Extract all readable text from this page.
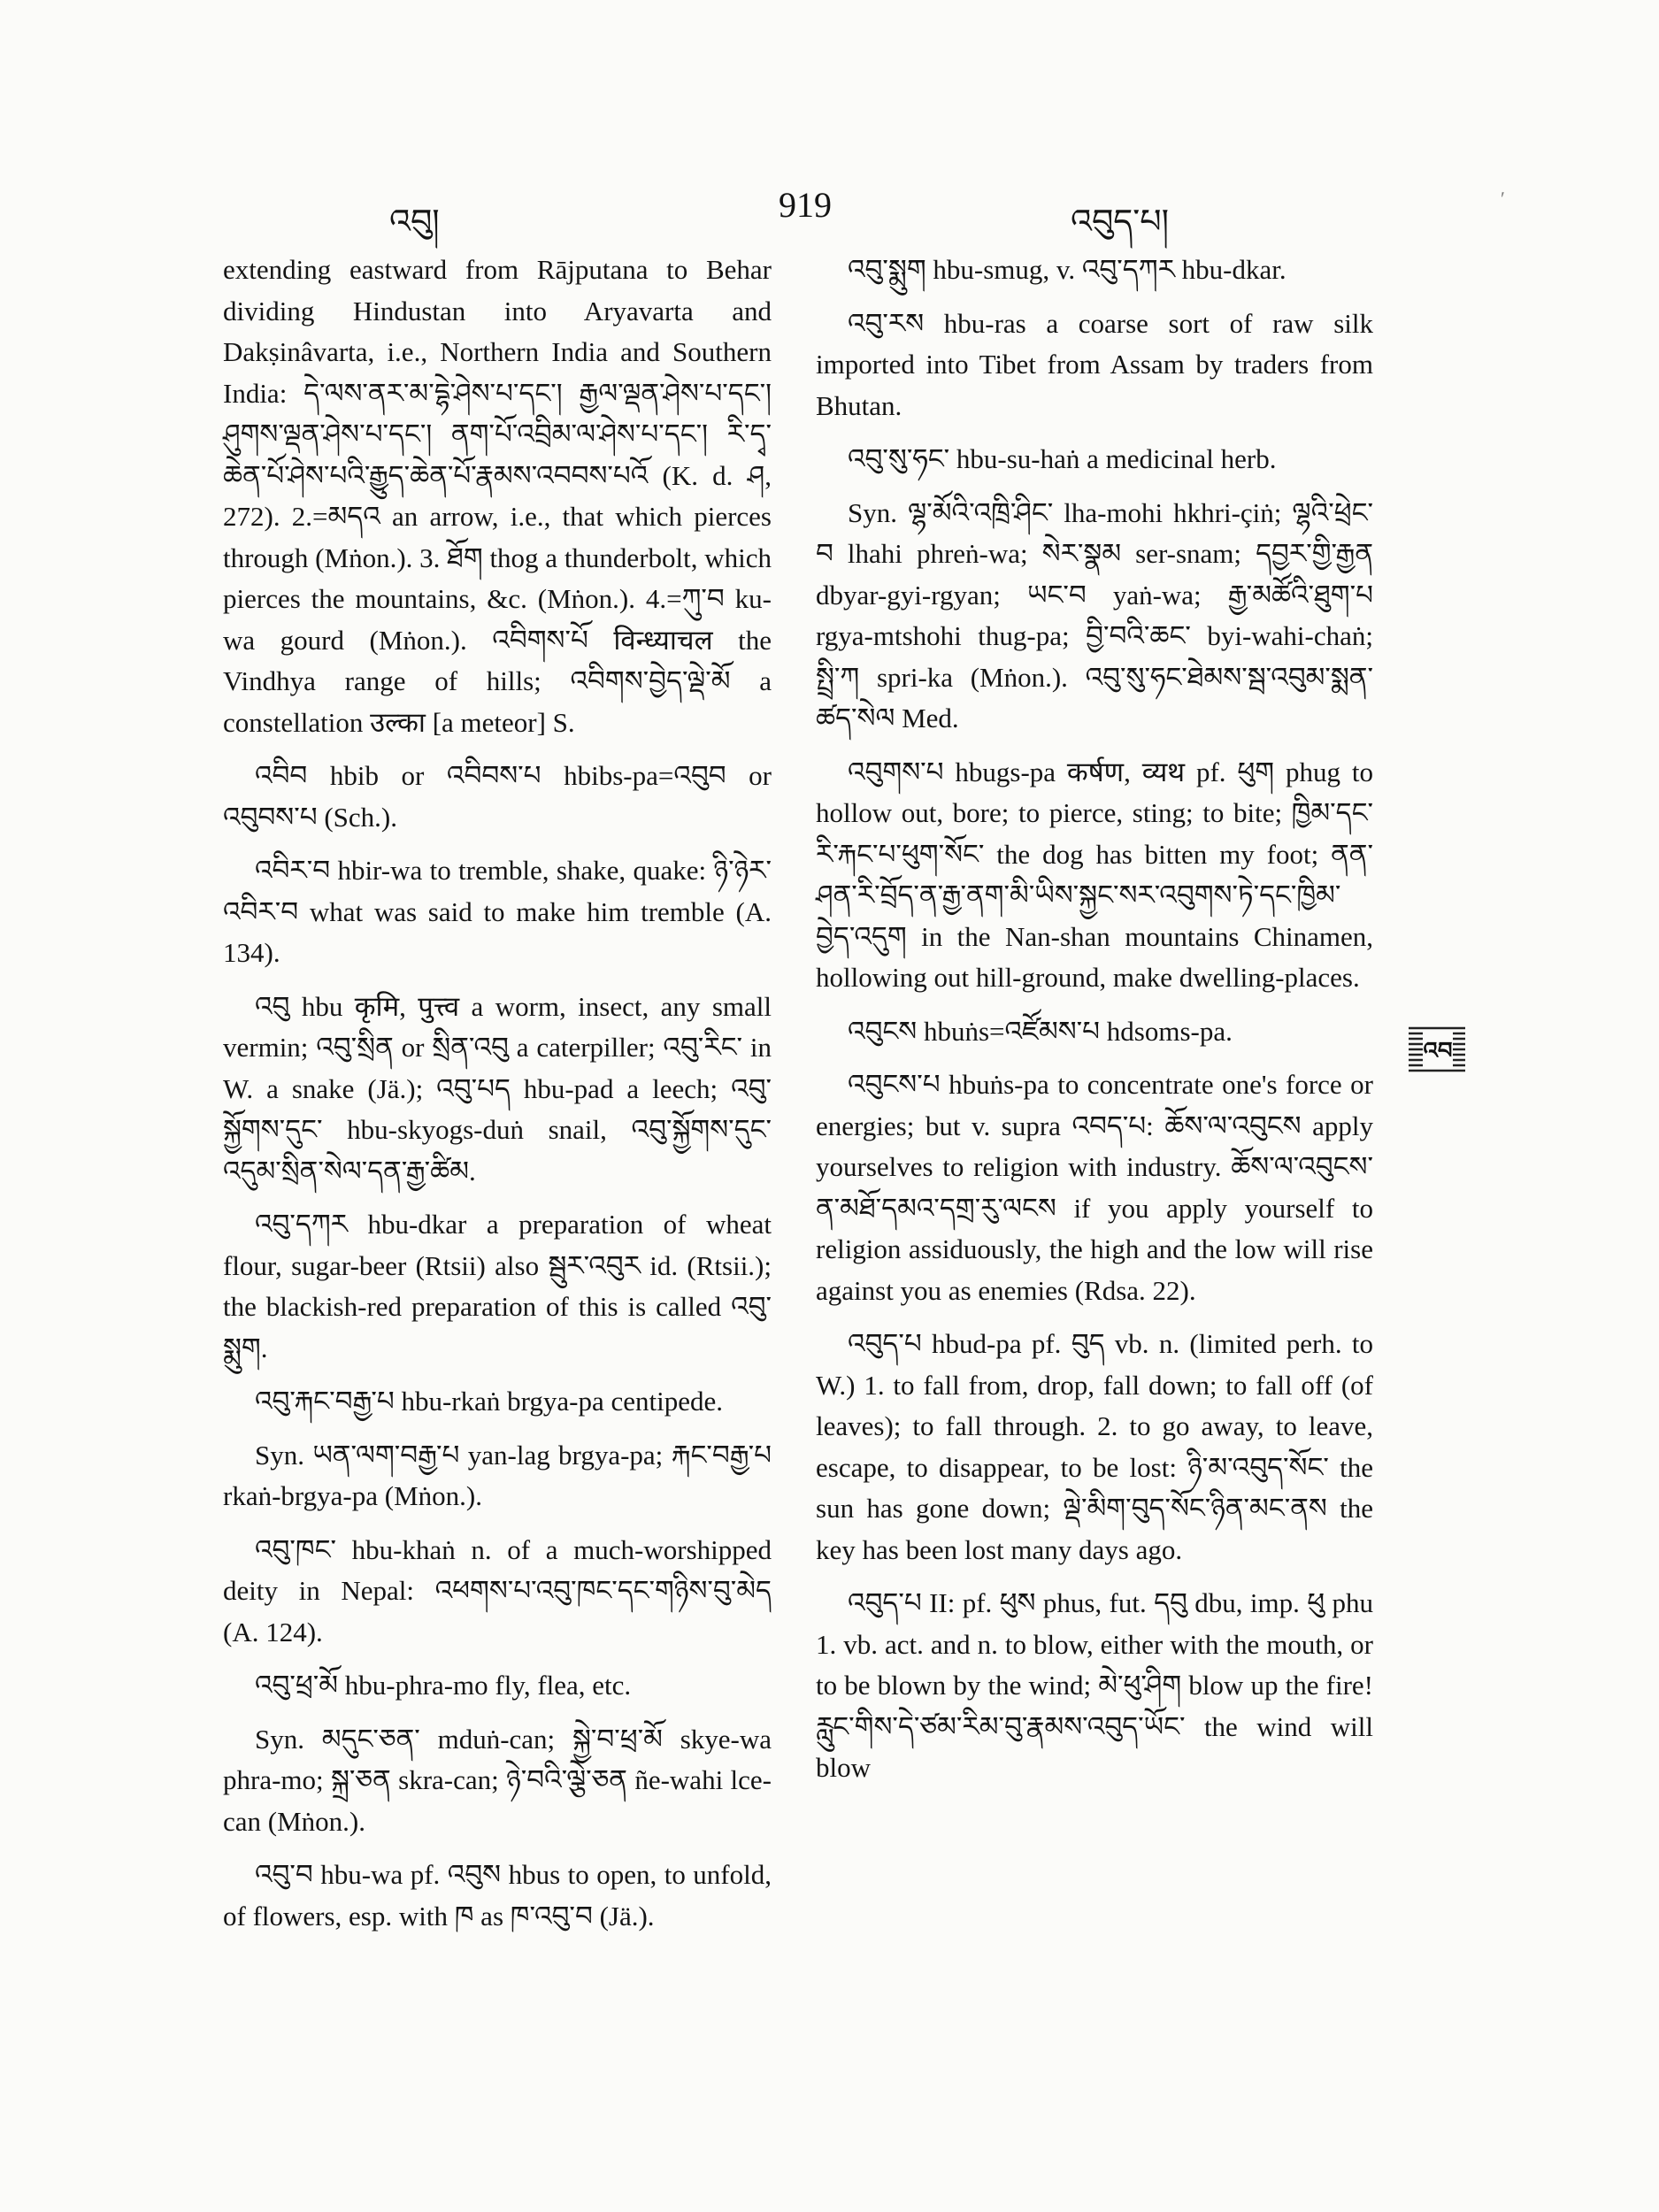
འབུ།	919	འབུད་པ།
ʹ

extending eastward from Rājputana to Behar dividing Hindustan into Aryavarta and Dakṣinâvarta, i.e., Northern India and Southern India: དེ་ལས་ནར་མ་དྷེ་ཤེས་པ་དང་། རྒྱལ་ལྡན་ཤེས་པ་དང་། ཤུགས་ལྡན་ཤེས་པ་དང་། ནག་པོ་འབྲིམ་ལ་ཤེས་པ་དང་། རི་དྭ་ཆེན་པོ་ཤེས་པའི་རྒྱུད་ཆེན་པོ་རྣམས་འབབས་པའོ (K. d. ཤ, 272). 2.=མདའ an arrow, i.e., that which pierces through (Mṅon.). 3. ཐོག thog a thunderbolt, which pierces the mountains, &c. (Mṅon.). 4.=ཀུ་བ ku-wa gourd (Mṅon.). འབིགས་པོ विन्ध्याचल the Vindhya range of hills; འབིགས་བྱེད་ལྡེ་མོ a constellation उल्का [a meteor] S.

འབིབ hbib or འབིབས་པ hbibs-pa=འབུབ or འབུབས་པ (Sch.).

འབིར་བ hbir-wa to tremble, shake, quake: ཉི་ཉེར་འབིར་བ what was said to make him tremble (A. 134).

འབུ hbu कृमि, पुत्त्व a worm, insect, any small vermin; འབུ་སྲིན or སྲིན་འབུ a caterpiller; འབུ་རིང་ in W. a snake (Jä.); འབུ་པད hbu-pad a leech; འབུ་སྐྱོགས་དུང་ hbu-skyogs-duṅ snail, འབུ་སྐྱོགས་དུང་འདུམ་སྲིན་སེལ་དན་རྒྱ་ཚིམ.

འབུ་དཀར hbu-dkar a preparation of wheat flour, sugar-beer (Rtsii) also སྦུར་འབུར id. (Rtsii.); the blackish-red preparation of this is called འབུ་སྨུག.

འབུ་རྐང་བརྒྱ་པ hbu-rkaṅ brgya-pa centipede.

Syn. ཡན་ལག་བརྒྱ་པ yan-lag brgya-pa; རྐང་བརྒྱ་པ rkaṅ-brgya-pa (Mṅon.).

འབུ་ཁང་ hbu-khaṅ n. of a much-worshipped deity in Nepal: འཕགས་པ་འབུ་ཁང་དང་གཉིས་བུ་མེད (A. 124).

འབུ་ཕྲ་མོ hbu-phra-mo fly, flea, etc.

Syn. མདུང་ཅན་ mduṅ-can; སྐྱེ་བ་ཕྲ་མོ skye-wa phra-mo; སྐྲ་ཅན skra-can; ཉེ་བའི་ལྕེ་ཅན ñe-wahi lce-can (Mṅon.).

འབུ་བ hbu-wa pf. འབུས hbus to open, to unfold, of flowers, esp. with ཁ as ཁ་འབུ་བ (Jä.).

འབུ་སྨུག hbu-smug, v. འབུ་དཀར hbu-dkar.

འབུ་རས hbu-ras a coarse sort of raw silk imported into Tibet from Assam by traders from Bhutan.

འབུ་སུ་ཧང་ hbu-su-haṅ a medicinal herb.

Syn. ལྷ་མོའི་འཁྲི་ཤིང་ lha-mohi hkhri-çiṅ; ལྷའི་ཕྲེང་བ lhahi phreṅ-wa; སེར་སྣམ ser-snam; དབྱར་གྱི་རྒྱན dbyar-gyi-rgyan; ཡང་བ yaṅ-wa; རྒྱ་མཚོའི་ཐུག་པ rgya-mtshohi thug-pa; བྱི་བའི་ཆང་ byi-wahi-chaṅ; སྤྲི་ཀ spri-ka (Mṅon.). འབུ་སུ་ཧང་ཐེམས་སྦ་འབུམ་སྨན་ཚད་སེལ Med.

འབུགས་པ hbugs-pa कर्षण, व्यथ pf. ཕུག phug to hollow out, bore; to pierce, sting; to bite; ཁྱིམ་དང་རི་རྐང་པ་ཕུག་སོང་ the dog has bitten my foot; ནན་ཤན་རི་བྲོད་ན་རྒྱ་ནག་མི་ཡིས་སྐྱང་སར་འབུགས་ཏེ་དང་ཁྱིམ་བྱེད་འདུག in the Nan-shan mountains Chinamen, hollowing out hill-ground, make dwelling-places.

འབུངས hbuṅs=འཛོམས་པ hdsoms-pa.

འབུངས་པ hbuṅs-pa to concentrate one's force or energies; but v. supra འབད་པ: ཆོས་ལ་འབུངས apply yourselves to religion with industry. ཆོས་ལ་འབུངས་ན་མཐོ་དམའ་དགྲ་རུ་ལངས if you apply yourself to religion assiduously, the high and the low will rise against you as enemies (Rdsa. 22).

འབུད་པ hbud-pa pf. བུད vb. n. (limited perh. to W.) 1. to fall from, drop, fall down; to fall off (of leaves); to fall through. 2. to go away, to leave, escape, to disappear, to be lost: ཉི་མ་འབུད་སོང་ the sun has gone down; ལྡེ་མིག་བུད་སོང་ཉིན་མང་ནས the key has been lost many days ago.

འབུད་པ II: pf. ཕུས phus, fut. དབུ dbu, imp. ཕུ phu 1. vb. act. and n. to blow, either with the mouth, or to be blown by the wind; མེ་ཕུ་ཤིག blow up the fire! རླུང་གིས་དེ་ཙམ་རིམ་བུ་རྣམས་འབུད་ཡོང་ the wind will blow

འབ
